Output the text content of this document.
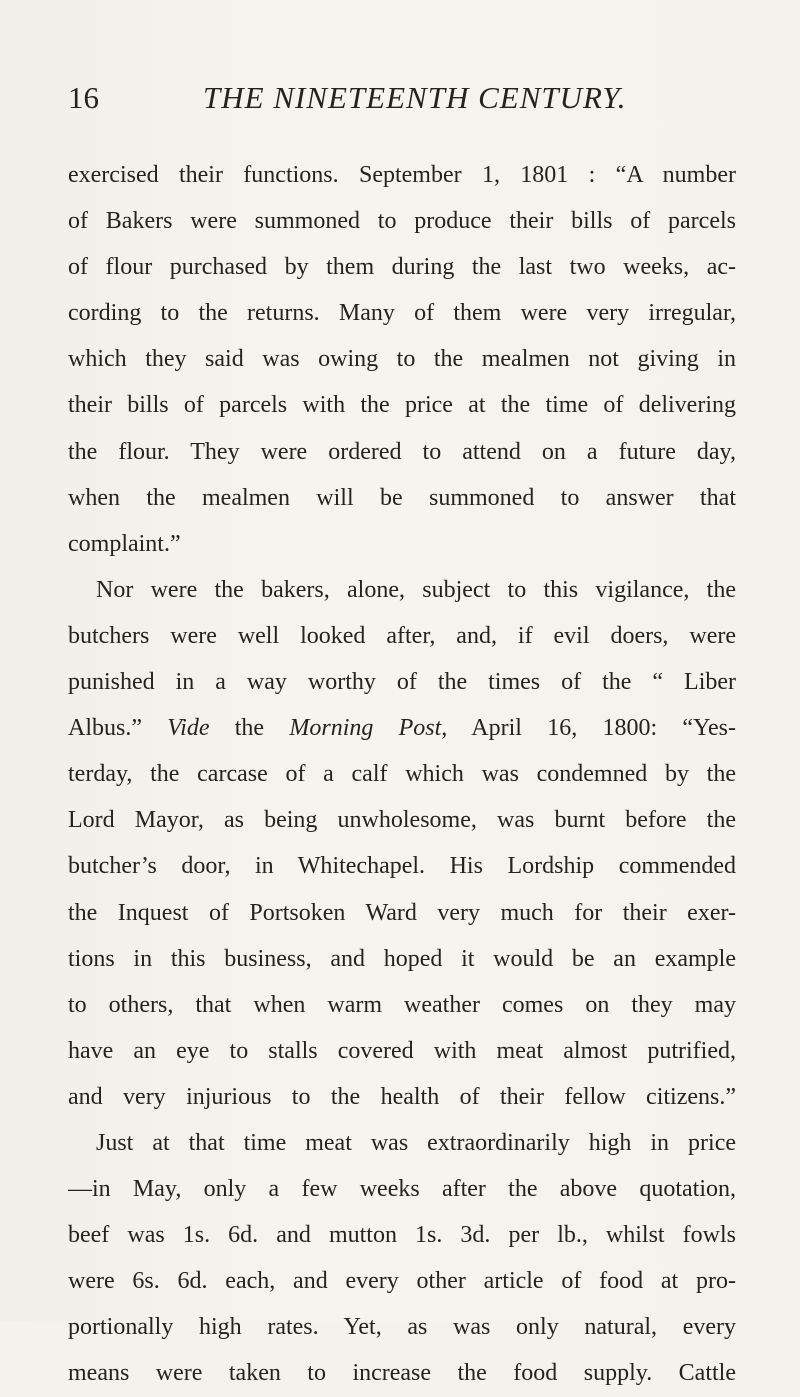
16	THE NINETEENTH CENTURY.
exercised their functions. September 1, 1801 : “A number
of Bakers were summoned to produce their bills of parcels
of flour purchased by them during the last two weeks, ac-
cording to the returns. Many of them were very irregular,
which they said was owing to the mealmen not giving in
their bills of parcels with the price at the time of delivering
the flour. They were ordered to attend on a future day,
when the mealmen will be summoned to answer that
complaint.”
Nor were the bakers, alone, subject to this vigilance, the
butchers were well looked after, and, if evil doers, were
punished in a way worthy of the times of the “ Liber
Albus.” Vide the Morning Post, April 16, 1800: “Yes-
terday, the carcase of a calf which was condemned by the
Lord Mayor, as being unwholesome, was burnt before the
butcher’s door, in Whitechapel. His Lordship commended
the Inquest of Portsoken Ward very much for their exer-
tions in this business, and hoped it would be an example
to others, that when warm weather comes on they may
have an eye to stalls covered with meat almost putrified,
and very injurious to the health of their fellow citizens.”
Just at that time meat was extraordinarily high in price
—in May, only a few weeks after the above quotation,
beef was 1s. 6d. and mutton 1s. 3d. per lb., whilst fowls
were 6s. 6d. each, and every other article of food at pro-
portionally high rates. Yet, as was only natural, every
means were taken to increase the food supply. Cattle
